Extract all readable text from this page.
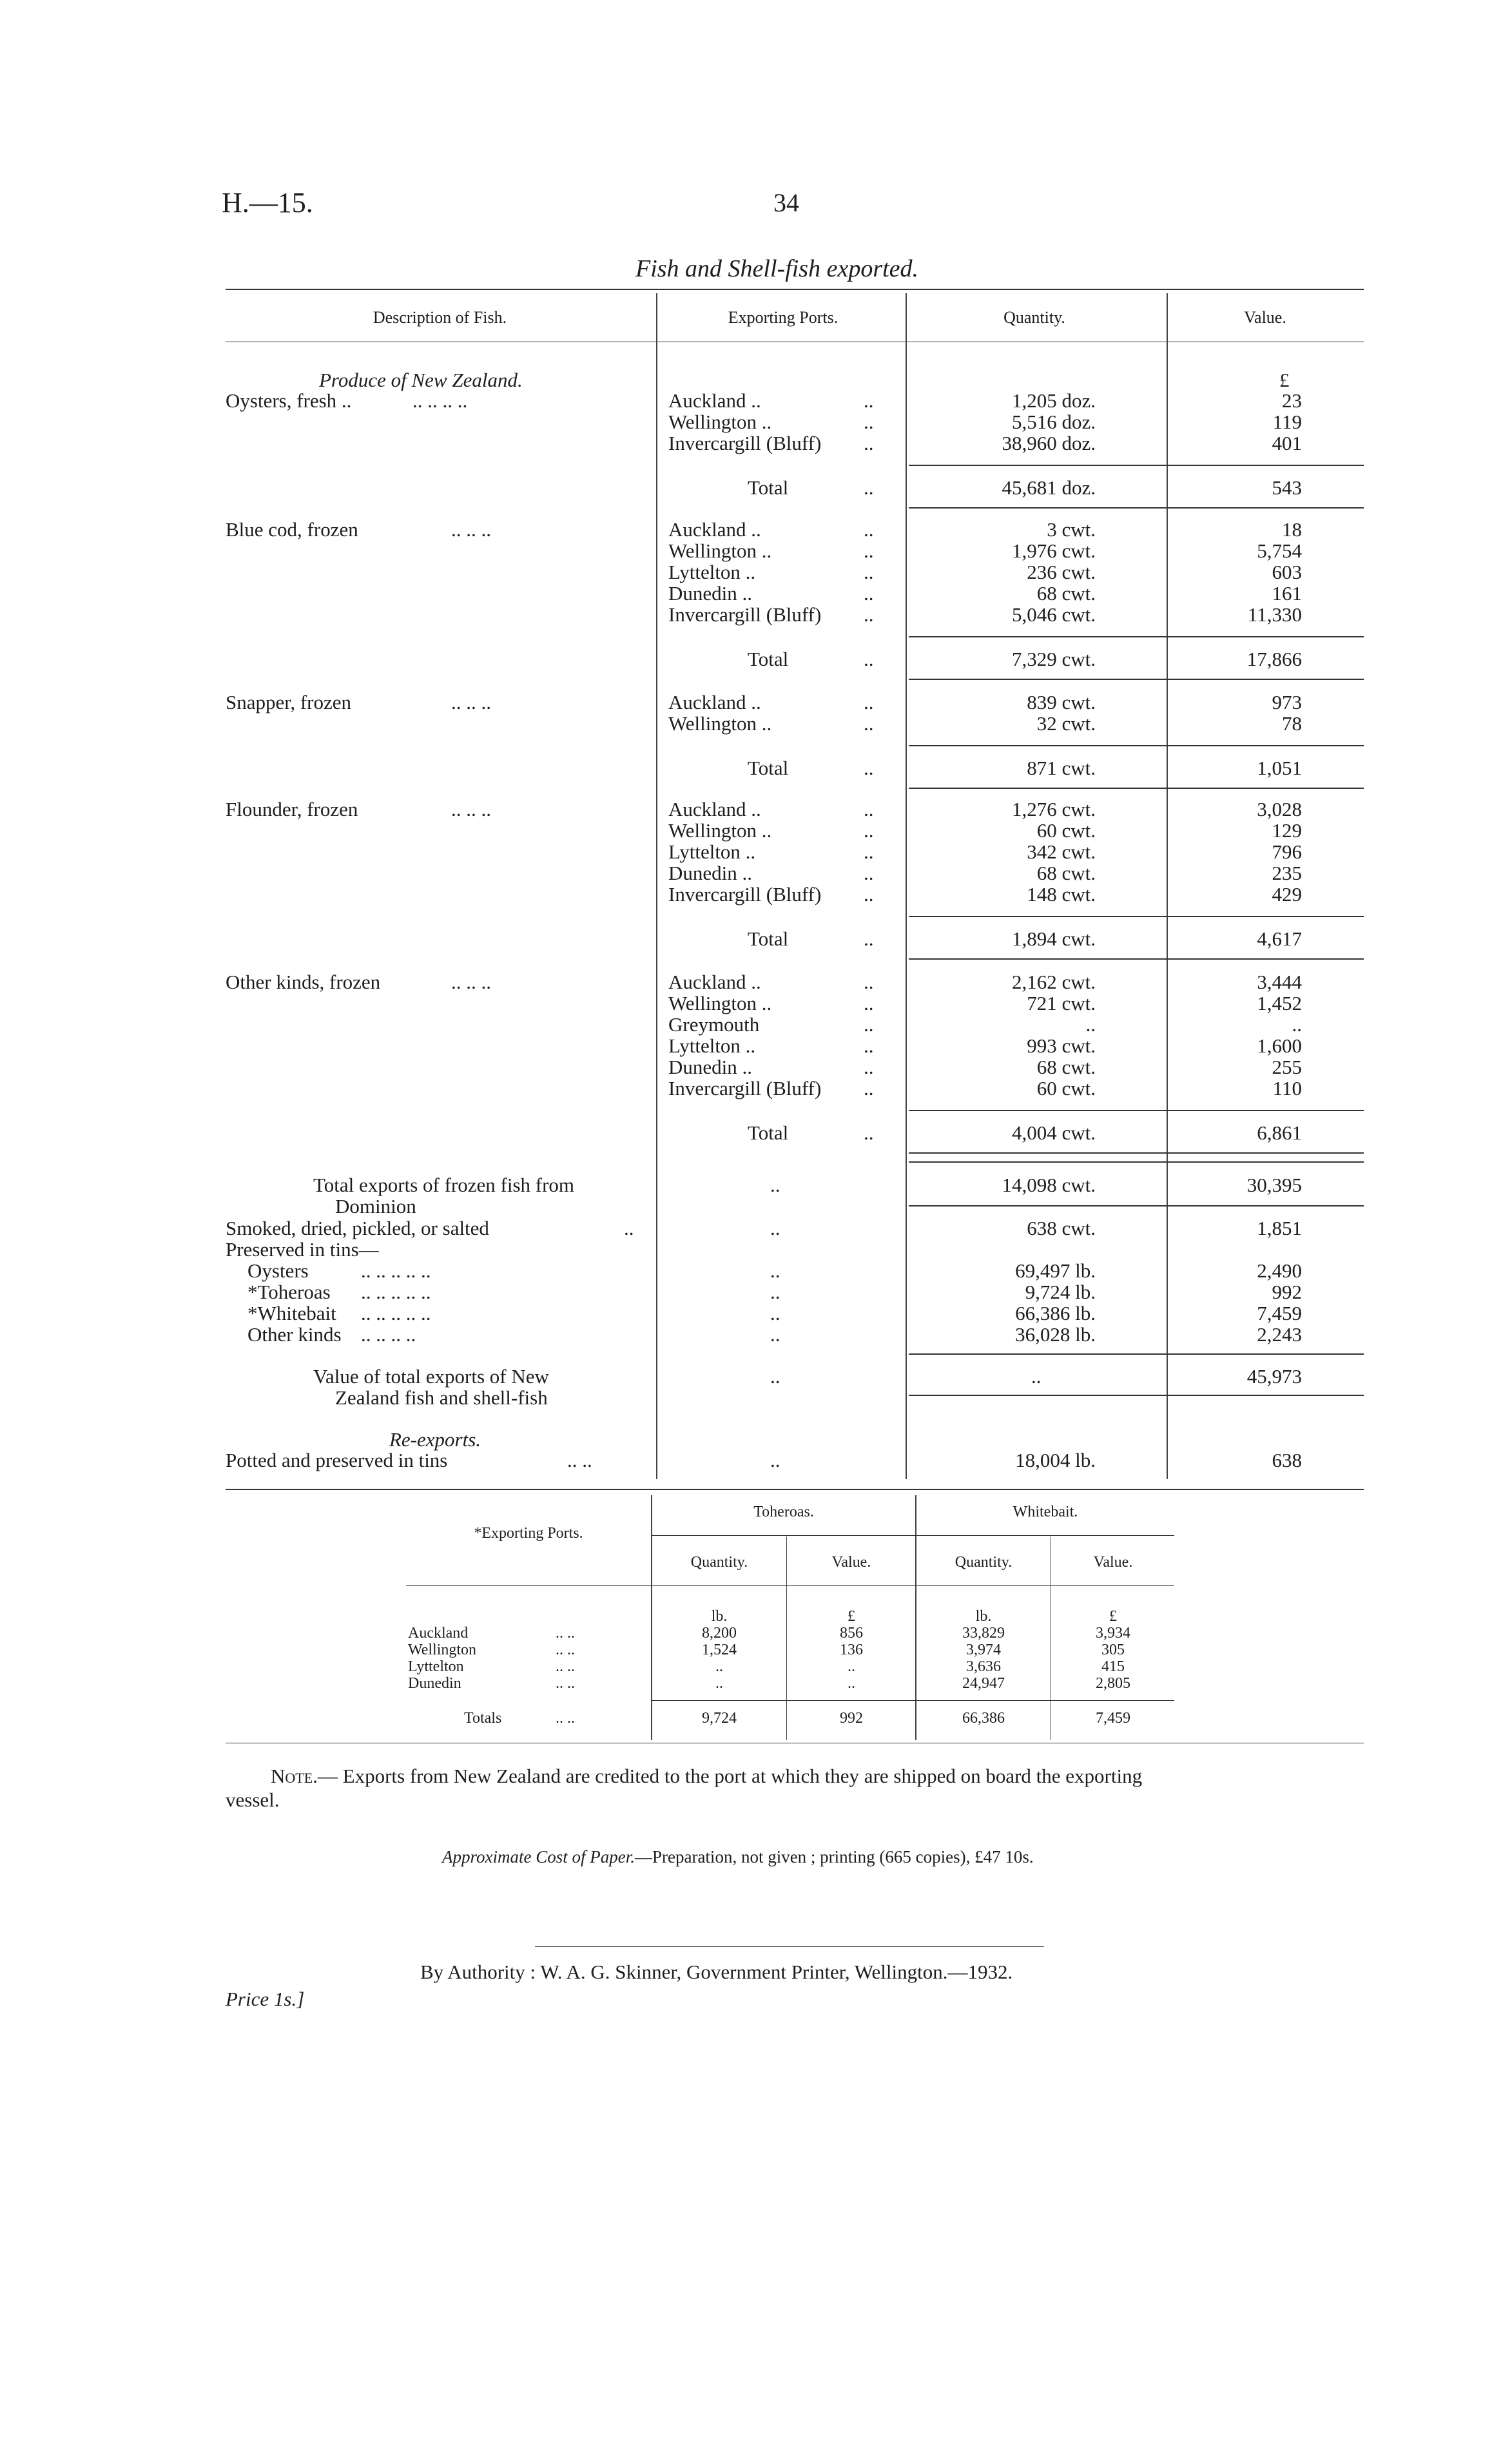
H.—15.	34
Fish and Shell-fish exported.
Description of Fish.	Exporting Ports.	Quantity.	Value.
Produce of New Zealand.	£
Oysters, fresh ..	.. .. .. ..	Auckland ..	..	1,205 doz.	23
Wellington ..	..	5,516 doz.	119
Invercargill (Bluff) ..	38,960 doz.	401
Total	..	45,681 doz.	543
Blue cod, frozen	.. .. ..	Auckland ..	..	3 cwt.	18
Wellington ..	..	1,976 cwt.	5,754
Lyttelton ..	..	236 cwt.	603
Dunedin ..	..	68 cwt.	161
Invercargill (Bluff) ..	5,046 cwt.	11,330
Total	..	7,329 cwt.	17,866
Snapper, frozen	.. .. ..	Auckland ..	..	839 cwt.	973
Wellington ..	..	32 cwt.	78
Total	..	871 cwt.	1,051
Flounder, frozen	.. .. ..	Auckland ..	..	1,276 cwt.	3,028
Wellington ..	..	60 cwt.	129
Lyttelton ..	..	342 cwt.	796
Dunedin ..	..	68 cwt.	235
Invercargill (Bluff) ..	148 cwt.	429
Total	..	1,894 cwt.	4,617
Other kinds, frozen	.. .. ..	Auckland ..	..	2,162 cwt.	3,444
Wellington ..	..	721 cwt.	1,452
Greymouth	..	..	..
Lyttelton ..	..	993 cwt.	1,600
Dunedin ..	..	68 cwt.	255
Invercargill (Bluff) ..	60 cwt.	110
Total	..	4,004 cwt.	6,861
Total exports of frozen fish from
Dominion
..	14,098 cwt.	30,395
Smoked, dried, pickled, or salted	..	..	638 cwt.	1,851
Preserved in tins—
Oysters	.. .. .. .. ..	..	69,497 lb.	2,490
*Toheroas .. .. .. .. ..	..	9,724 lb.	992
*Whitebait .. .. .. .. ..	..	66,386 lb.	7,459
Other kinds .. .. .. ..	..	36,028 lb.	2,243
Value of total exports of New
Zealand fish and shell-fish
..	..	45,973
Re-exports.
Potted and preserved in tins	.. ..	..	18,004 lb.	638
*Exporting Ports.
Toheroas.	Whitebait.
Quantity.	Value.	Quantity.	Value.
lb.	£	lb.	£
Auckland	.. ..	8,200	856	33,829	3,934
Wellington	.. ..	1,524	136	3,974	305
Lyttelton	.. ..	..	..	3,636	415
Dunedin	.. ..	..	..	24,947	2,805
Totals	.. ..	9,724	992	66,386	7,459
Note.— Exports from New Zealand are credited to the port at which they are shipped on board the exporting
vessel.
Approximate Cost of Paper.—Preparation, not given ; printing (665 copies), £47 10s.
By Authority : W. A. G. Skinner, Government Printer, Wellington.—1932.
Price 1s.]
